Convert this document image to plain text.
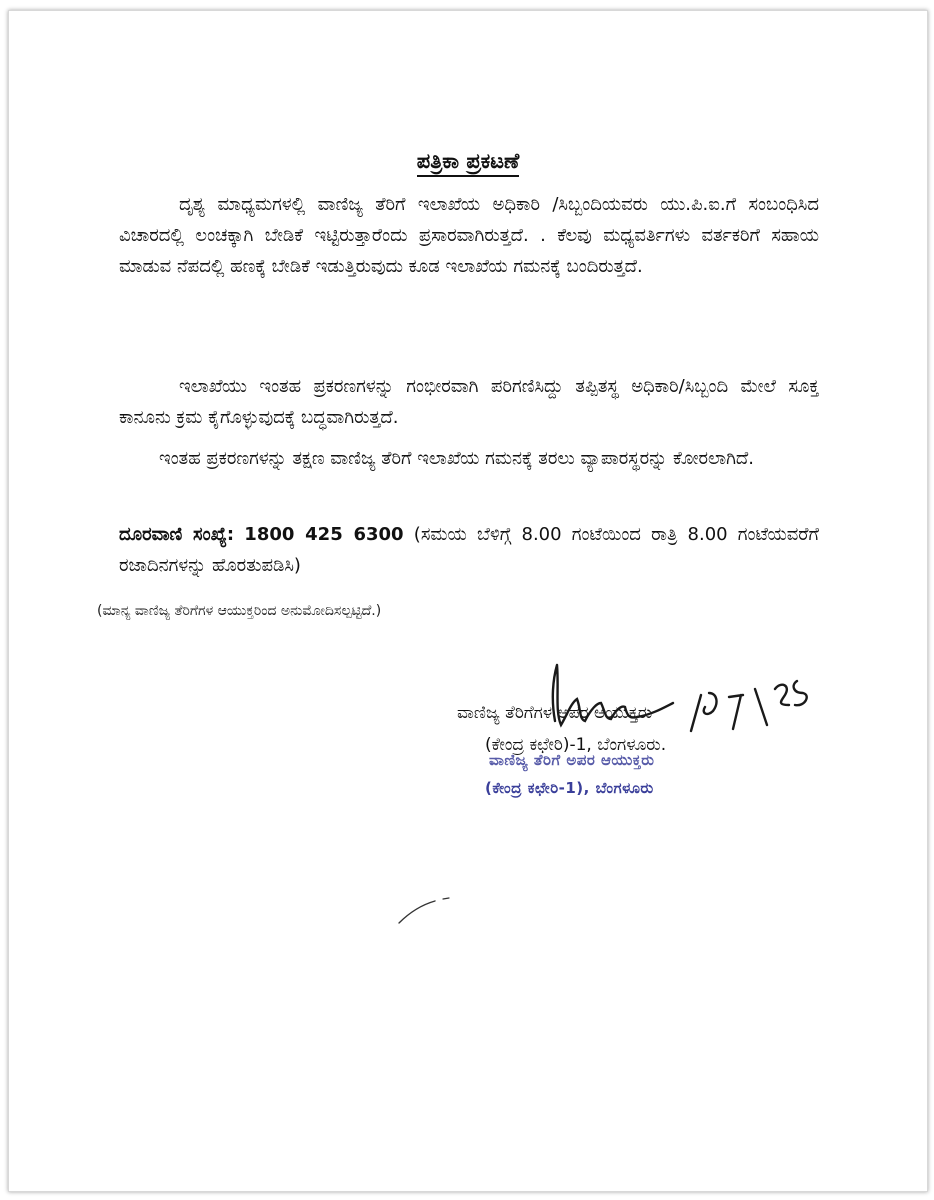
ಪತ್ರಿಕಾ ಪ್ರಕಟಣೆ

ದೃಶ್ಯ ಮಾಧ್ಯಮಗಳಲ್ಲಿ ವಾಣಿಜ್ಯ ತೆರಿಗೆ ಇಲಾಖೆಯ ಅಧಿಕಾರಿ /ಸಿಬ್ಬಂದಿಯವರು ಯು.ಪಿ.ಐ.ಗೆ ಸಂಬಂಧಿಸಿದ ವಿಚಾರದಲ್ಲಿ ಲಂಚಕ್ಕಾಗಿ ಬೇಡಿಕೆ ಇಟ್ಟಿರುತ್ತಾರೆಂದು ಪ್ರಸಾರವಾಗಿರುತ್ತದೆ. . ಕೆಲವು ಮಧ್ಯವರ್ತಿಗಳು ವರ್ತಕರಿಗೆ ಸಹಾಯ ಮಾಡುವ ನೆಪದಲ್ಲಿ ಹಣಕ್ಕೆ ಬೇಡಿಕೆ ಇಡುತ್ತಿರುವುದು ಕೂಡ ಇಲಾಖೆಯ ಗಮನಕ್ಕೆ ಬಂದಿರುತ್ತದೆ.

ಇಲಾಖೆಯು ಇಂತಹ ಪ್ರಕರಣಗಳನ್ನು ಗಂಭೀರವಾಗಿ ಪರಿಗಣಿಸಿದ್ದು ತಪ್ಪಿತಸ್ಥ ಅಧಿಕಾರಿ/ಸಿಬ್ಬಂದಿ ಮೇಲೆ ಸೂಕ್ತ ಕಾನೂನು ಕ್ರಮ ಕೈಗೊಳ್ಳುವುದಕ್ಕೆ ಬದ್ಧವಾಗಿರುತ್ತದೆ.

ಇಂತಹ ಪ್ರಕರಣಗಳನ್ನು ತಕ್ಷಣ ವಾಣಿಜ್ಯ ತೆರಿಗೆ ಇಲಾಖೆಯ ಗಮನಕ್ಕೆ ತರಲು ವ್ಯಾಪಾರಸ್ಥರನ್ನು ಕೋರಲಾಗಿದೆ.

ದೂರವಾಣಿ ಸಂಖ್ಯೆ: 1800 425 6300 (ಸಮಯ ಬೆಳಿಗ್ಗೆ 8.00 ಗಂಟೆಯಿಂದ ರಾತ್ರಿ 8.00 ಗಂಟೆಯವರೆಗೆ ರಜಾದಿನಗಳನ್ನು ಹೊರತುಪಡಿಸಿ)

(ಮಾನ್ಯ ವಾಣಿಜ್ಯ ತೆರಿಗೆಗಳ ಆಯುಕ್ತರಿಂದ ಅನುಮೋದಿಸಲ್ಪಟ್ಟಿದೆ.)
ವಾಣಿಜ್ಯ ತೆರಿಗೆಗಳ ಅಪರ ಆಯುಕ್ತರು
(ಕೇಂದ್ರ ಕಛೇರಿ)-1, ಬೆಂಗಳೂರು.
ವಾಣಿಜ್ಯ ತೆರಿಗೆ ಅಪರ ಆಯುಕ್ತರು
(ಕೇಂದ್ರ ಕಛೇರಿ-1), ಬೆಂಗಳೂರು
